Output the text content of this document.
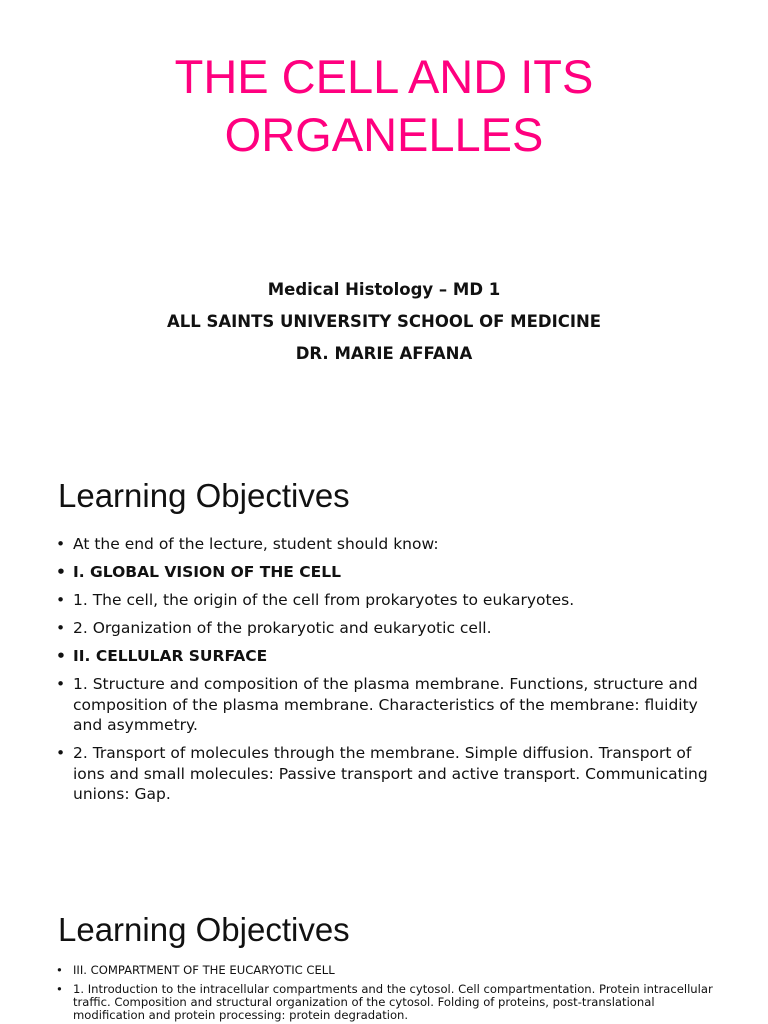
THE CELL AND ITS
ORGANELLES
Medical Histology – MD 1
ALL SAINTS UNIVERSITY SCHOOL OF MEDICINE
DR. MARIE AFFANA
Learning Objectives
• At the end of the lecture, student should know:
• I. GLOBAL VISION OF THE CELL
• 1. The cell, the origin of the cell from prokaryotes to eukaryotes.
• 2. Organization of the prokaryotic and eukaryotic cell.
• II. CELLULAR SURFACE
• 1. Structure and composition of the plasma membrane. Functions, structure and composition of the plasma membrane. Characteristics of the membrane: fluidity and asymmetry.
• 2. Transport of molecules through the membrane. Simple diffusion. Transport of ions and small molecules: Passive transport and active transport. Communicating unions: Gap.
Learning Objectives
• III. COMPARTMENT OF THE EUCARYOTIC CELL
• 1. Introduction to the intracellular compartments and the cytosol. Cell compartmentation. Protein intracellular traffic. Composition and structural organization of the cytosol. Folding of proteins, post-translational modification and protein processing: protein degradation.
